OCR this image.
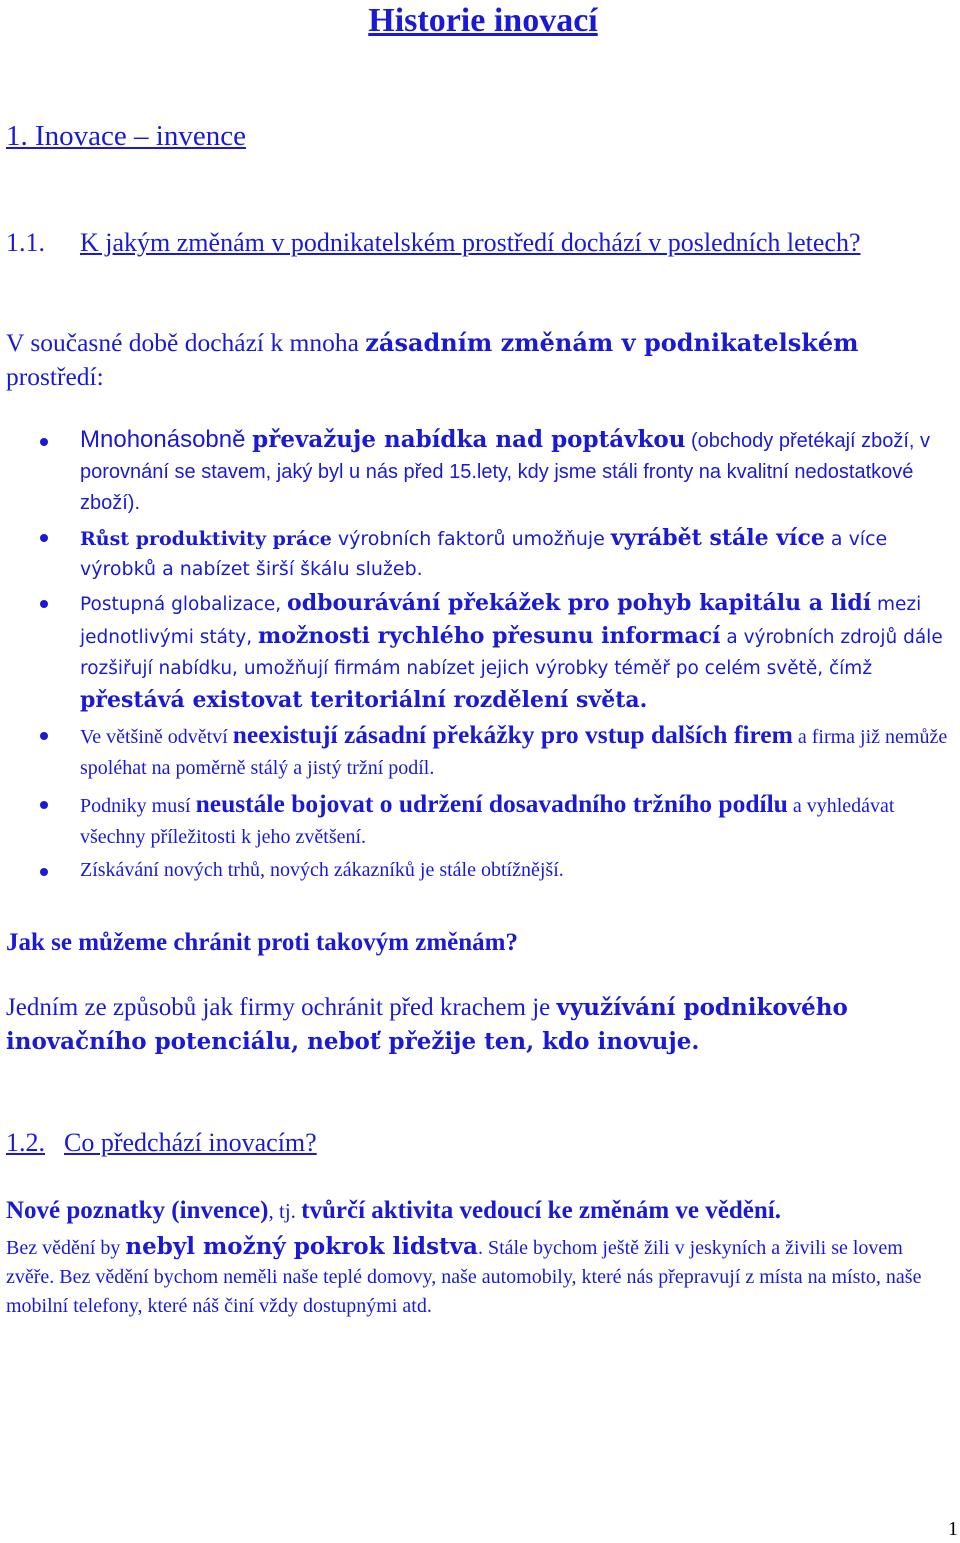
Historie inovací
1. Inovace – invence
1.1. K jakým změnám v podnikatelském prostředí dochází v posledních letech?
V současné době dochází k mnoha zásadním změnám v podnikatelském prostředí:
Mnohonásobně převažuje nabídka nad poptávkou (obchody přetékají zboží, v porovnání se stavem, jaký byl u nás před 15.lety, kdy jsme stáli fronty na kvalitní nedostatkové zboží).
Růst produktivity práce výrobních faktorů umožňuje vyrábět stále více a více výrobků a nabízet širší škálu služeb.
Postupná globalizace, odbourávání překážek pro pohyb kapitálu a lidí mezi jednotlivými státy, možnosti rychlého přesunu informací a výrobních zdrojů dále rozšiřují nabídku, umožňují firmám nabízet jejich výrobky téměř po celém světě, čímž přestává existovat teritoriální rozdělení světa.
Ve většině odvětví neexistují zásadní překážky pro vstup dalších firem a firma již nemůže spoléhat na poměrně stálý a jistý tržní podíl.
Podniky musí neustále bojovat o udržení dosavadního tržního podílu a vyhledávat všechny příležitosti k jeho zvětšení.
Získávání nových trhů, nových zákazníků je stále obtížnější.
Jak se můžeme chránit proti takovým změnám?
Jedním ze způsobů jak firmy ochránit před krachem je využívání podnikového inovačního potenciálu, neboť přežije ten, kdo inovuje.
1.2. Co předchází inovacím?
Nové poznatky (invence), tj. tvůrčí aktivita vedoucí ke změnám ve vědění.
Bez vědění by nebyl možný pokrok lidstva. Stále bychom ještě žili v jeskyních a živili se lovem zvěře. Bez vědění bychom neměli naše teplé domovy, naše automobily, které nás přepravují z místa na místo, naše mobilní telefony, které náš činí vždy dostupnými atd.
1
